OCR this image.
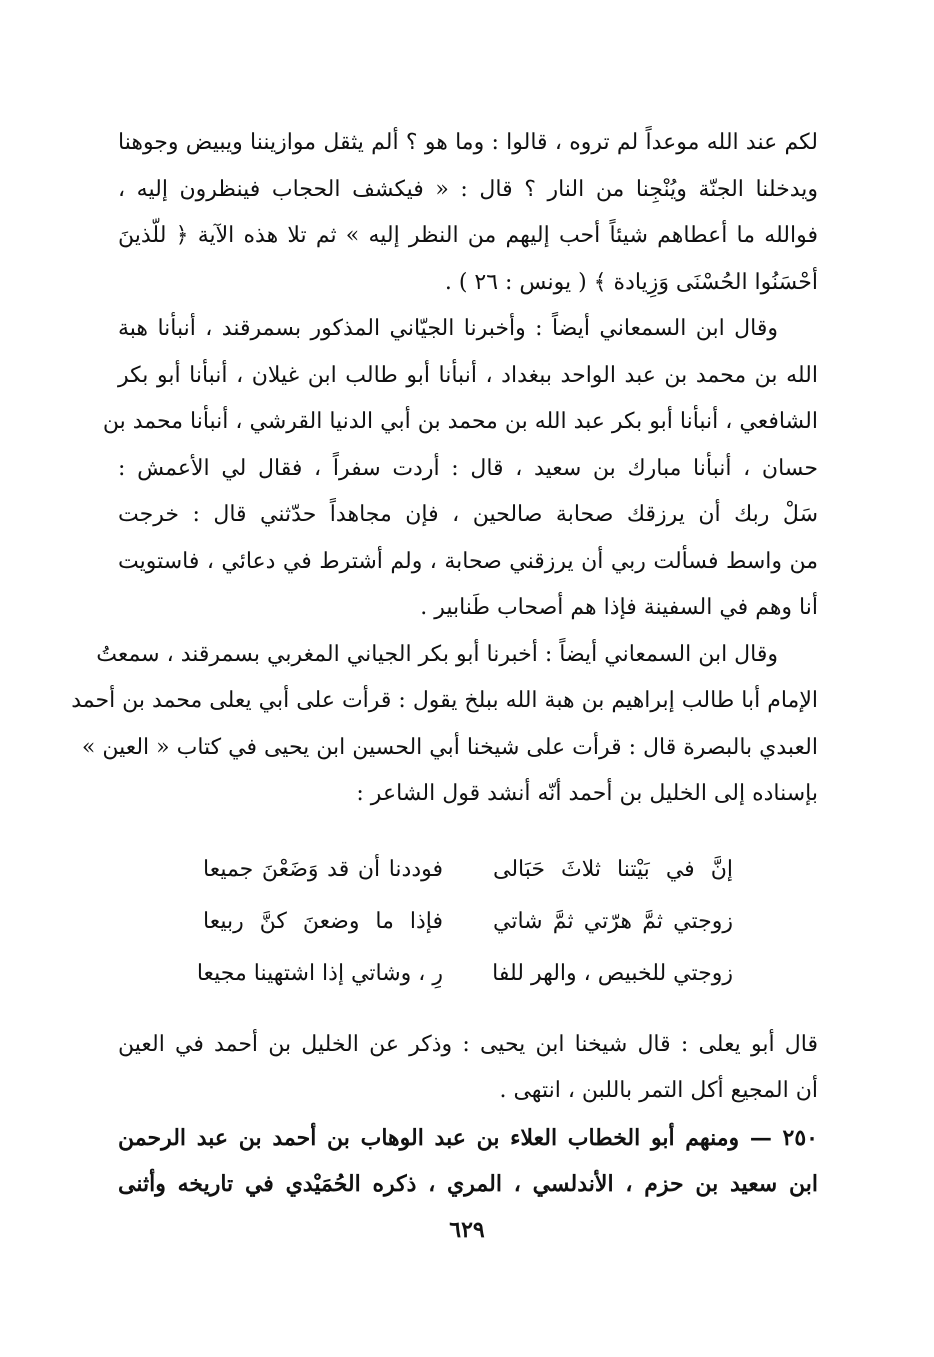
لكم عند الله موعداً لم تروه ، قالوا : وما هو ؟ ألم يثقل موازيننا ويبيض وجوهنا
ويدخلنا الجنّة ويُنْجِنا من النار ؟ قال : « فيكشف الحجاب فينظرون إليه ،
فوالله ما أعطاهم شيئاً أحب إليهم من النظر إليه » ثم تلا هذه الآية ﴿ للّذينَ
أحْسَنُوا الحُسْنَى وَزِيادة ﴾ ( يونس : ٢٦ ) .
وقال ابن السمعاني أيضاً : وأخبرنا الجيّاني المذكور بسمرقند ، أنبأنا هبة
الله بن محمد بن عبد الواحد ببغداد ، أنبأنا أبو طالب ابن غيلان ، أنبأنا أبو بكر
الشافعي ، أنبأنا أبو بكر عبد الله بن محمد بن أبي الدنيا القرشي ، أنبأنا محمد بن
حسان ، أنبأنا مبارك بن سعيد ، قال : أردت سفراً ، فقال لي الأعمش :
سَلْ ربك أن يرزقك صحابة صالحين ، فإن مجاهداً حدّثني قال : خرجت
من واسط فسألت ربي أن يرزقني صحابة ، ولم أشترط في دعائي ، فاستويت
أنا وهم في السفينة فإذا هم أصحاب طَنابير .
وقال ابن السمعاني أيضاً : أخبرنا أبو بكر الجياني المغربي بسمرقند ، سمعتُ
الإمام أبا طالب إبراهيم بن هبة الله ببلخ يقول : قرأت على أبي يعلى محمد بن أحمد
العبدي بالبصرة قال : قرأت على شيخنا أبي الحسين ابن يحيى في كتاب « العين »
بإسناده إلى الخليل بن أحمد أنّه أنشد قول الشاعر :
إنَّ في بَيْتنا ثلاثَ حَبَالى
فوددنا أن قد وَضَعْنَ جميعا
زوجتي ثمَّ هرّتي ثمَّ شاتي
فإذا ما وضعنَ كنَّ ربيعا
زوجتي للخبيص ، والهر للفا
رِ ، وشاتي إذا اشتهينا مجيعا
قال أبو يعلى : قال شيخنا ابن يحيى : وذكر عن الخليل بن أحمد في العين
أن المجيع أكل التمر باللبن ، انتهى .
٢٥٠ — ومنهم أبو الخطاب العلاء بن عبد الوهاب بن أحمد بن عبد الرحمن
ابن سعيد بن حزم ، الأندلسي ، المري ، ذكره الحُمَيْدي في تاريخه وأثنى
٦٢٩
